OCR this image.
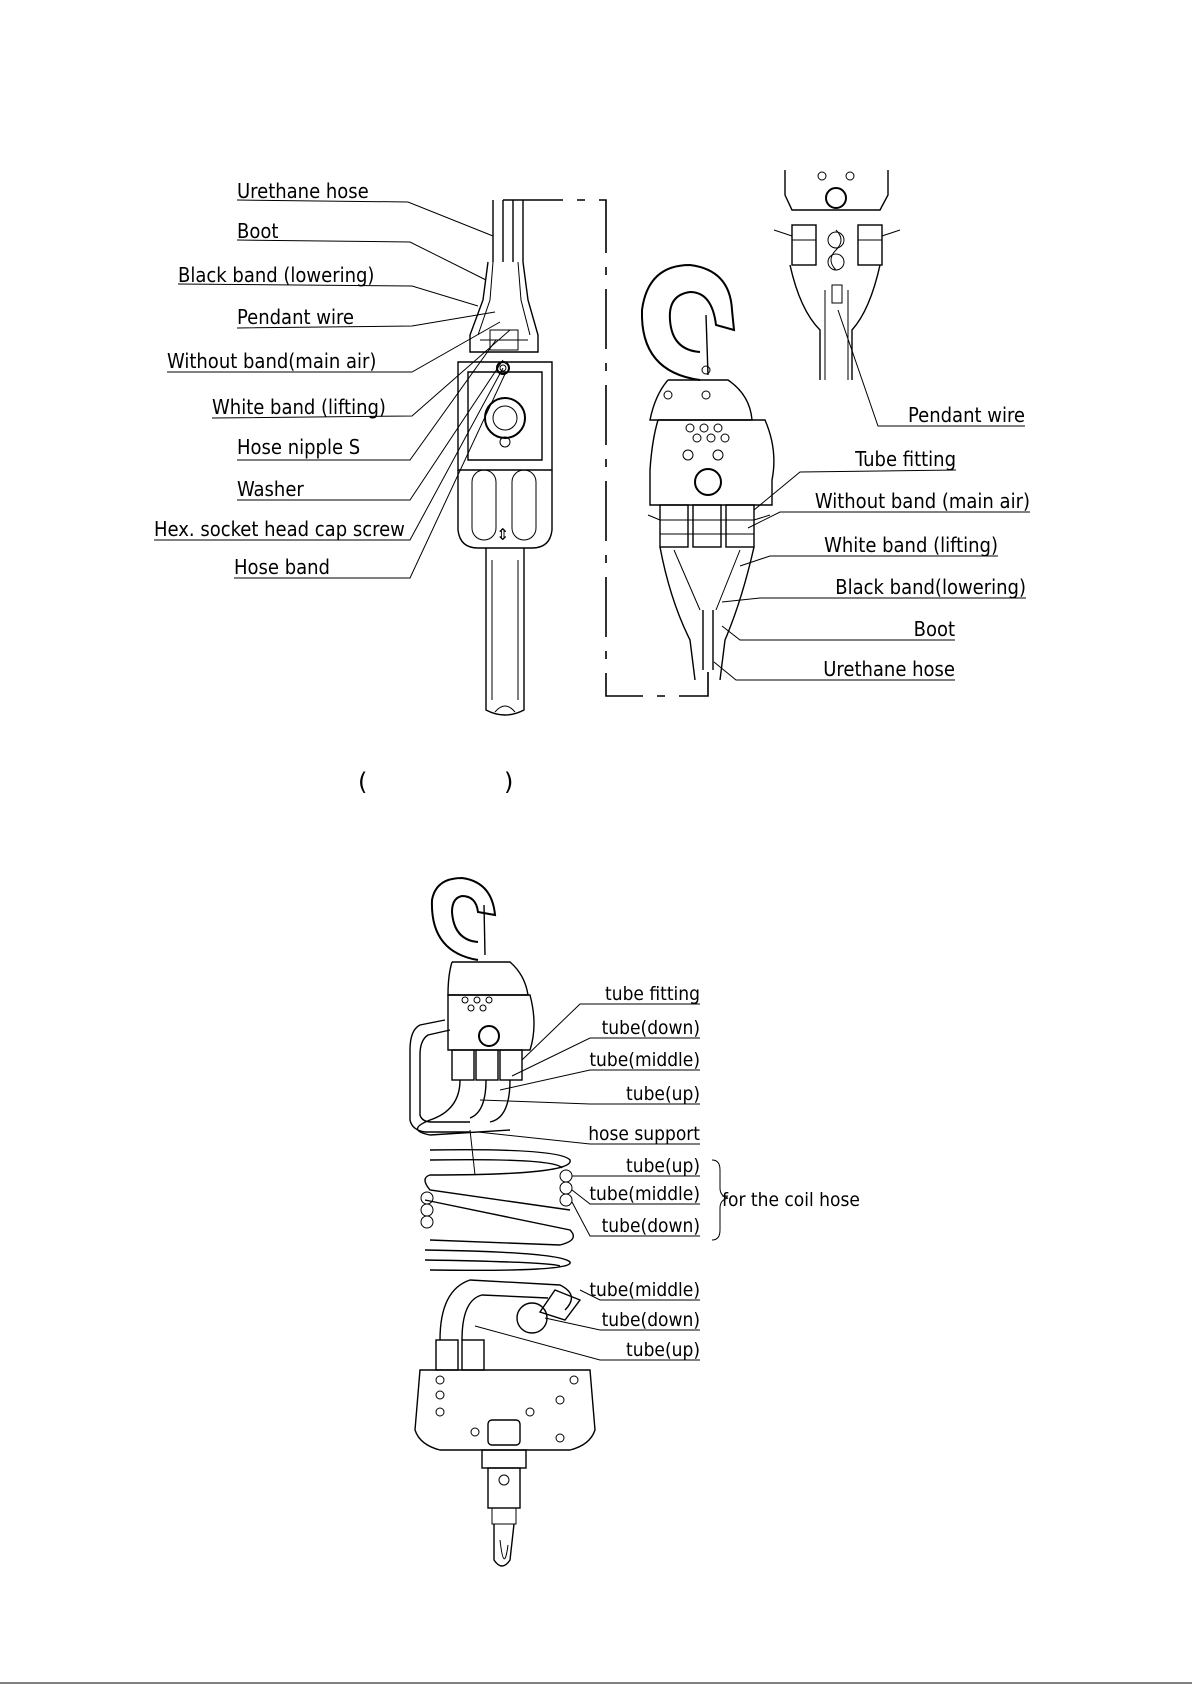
⇕
Urethane hose
Boot
Black band (lowering)
Pendant wire
Without band(main air)
White band (lifting)
Hose nipple S
Washer
Hex. socket head cap screw
Hose band
Pendant wire
Tube fitting
Without band (main air)
White band (lifting)
Black band(lowering)
Boot
Urethane hose
(	)
tube fitting
tube(down)
tube(middle)
tube(up)
hose support
tube(up)
tube(middle)
tube(down)
for the coil hose
tube(middle)
tube(down)
tube(up)
